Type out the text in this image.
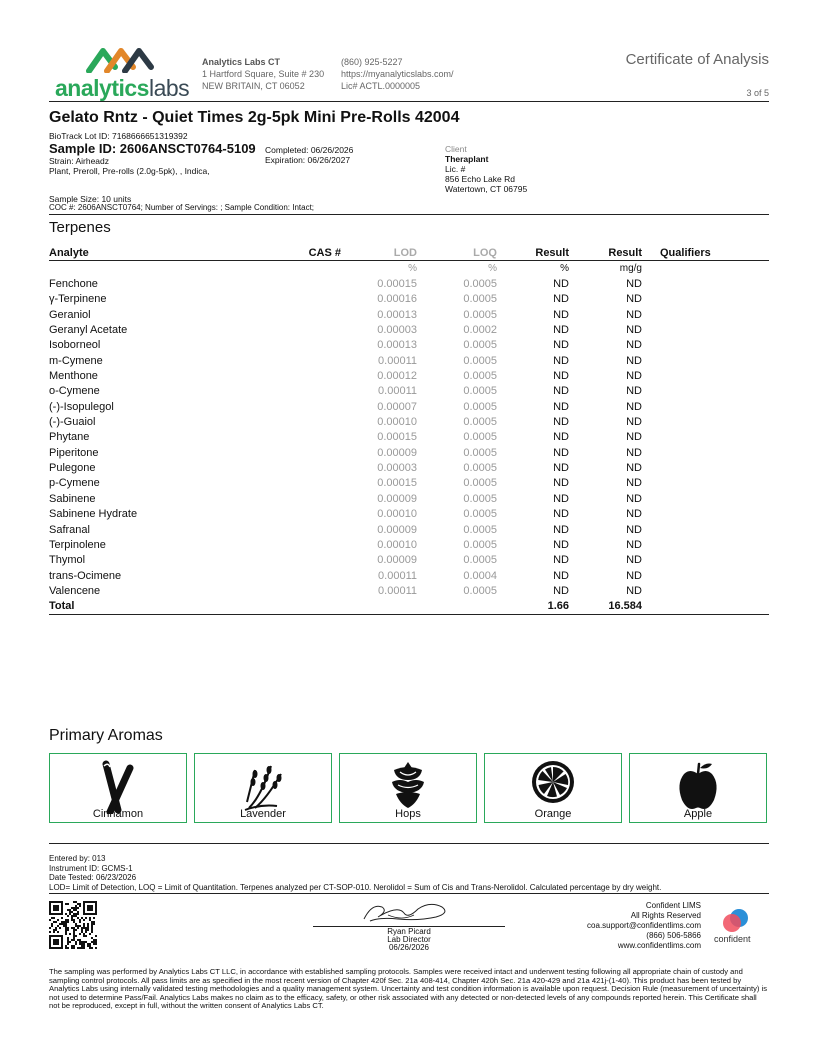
analyticslabs
Analytics Labs CT
1 Hartford Square, Suite # 230
NEW BRITAIN, CT 06052
(860) 925-5227
https://myanalyticslabs.com/
Lic# ACTL.0000005
Certificate of Analysis
3 of 5
Gelato Rntz - Quiet Times 2g-5pk Mini Pre-Rolls 42004
BioTrack Lot ID: 7168666651319392
Sample ID: 2606ANSCT0764-5109 Completed: 06/26/2026
Expiration: 06/26/2027
Strain: Airheadz
Plant, Preroll, Pre-rolls (2.0g-5pk), , Indica,
Client
Theraplant
Lic. #
856 Echo Lake Rd
Watertown, CT 06795
Sample Size: 10 units
COC #: 2606ANSCT0764; Number of Servings: ; Sample Condition: Intact;
Terpenes
Analyte	CAS #	LOD	LOQ	Result	Result	Qualifiers
		%	%	%	mg/g	
Fenchone		0.00015	0.0005	ND	ND	
γ-Terpinene		0.00016	0.0005	ND	ND	
Geraniol		0.00013	0.0005	ND	ND	
Geranyl Acetate		0.00003	0.0002	ND	ND	
Isoborneol		0.00013	0.0005	ND	ND	
m-Cymene		0.00011	0.0005	ND	ND	
Menthone		0.00012	0.0005	ND	ND	
o-Cymene		0.00011	0.0005	ND	ND	
(-)-Isopulegol		0.00007	0.0005	ND	ND	
(-)-Guaiol		0.00010	0.0005	ND	ND	
Phytane		0.00015	0.0005	ND	ND	
Piperitone		0.00009	0.0005	ND	ND	
Pulegone		0.00003	0.0005	ND	ND	
p-Cymene		0.00015	0.0005	ND	ND	
Sabinene		0.00009	0.0005	ND	ND	
Sabinene Hydrate		0.00010	0.0005	ND	ND	
Safranal		0.00009	0.0005	ND	ND	
Terpinolene		0.00010	0.0005	ND	ND	
Thymol		0.00009	0.0005	ND	ND	
trans-Ocimene		0.00011	0.0004	ND	ND	
Valencene		0.00011	0.0005	ND	ND	
Total				1.66	16.584	
Primary Aromas
Cinnamon	Lavender	Hops	Orange	Apple
Entered by: 013
Instrument ID: GCMS-1
Date Tested: 06/23/2026
LOD= Limit of Detection, LOQ = Limit of Quantitation. Terpenes analyzed per CT-SOP-010. Nerolidol = Sum of Cis and Trans-Nerolidol. Calculated percentage by dry weight.
Ryan Picard
Lab Director
06/26/2026
Confident LIMS
All Rights Reserved
coa.support@confidentlims.com
(866) 506-5866
www.confidentlims.com
confident
The sampling was performed by Analytics Labs CT LLC, in accordance with established sampling protocols. Samples were received intact and underwent testing following all appropriate chain of custody and sampling control protocols. All pass limits are as specified in the most recent version of Chapter 420f Sec. 21a 408-414, Chapter 420h Sec. 21a 420-429 and 21a 421j-(1-40). This product has been tested by Analytics Labs using internally validated testing methodologies and a quality management system. Uncertainty and test condition information is available upon request. Decision Rule (measurement of uncertainty) is not used to determine Pass/Fail. Analytics Labs makes no claim as to the efficacy, safety, or other risk associated with any detected or non-detected levels of any compounds reported herein. This Certificate shall not be reproduced, except in full, without the written consent of Analytics Labs CT.
